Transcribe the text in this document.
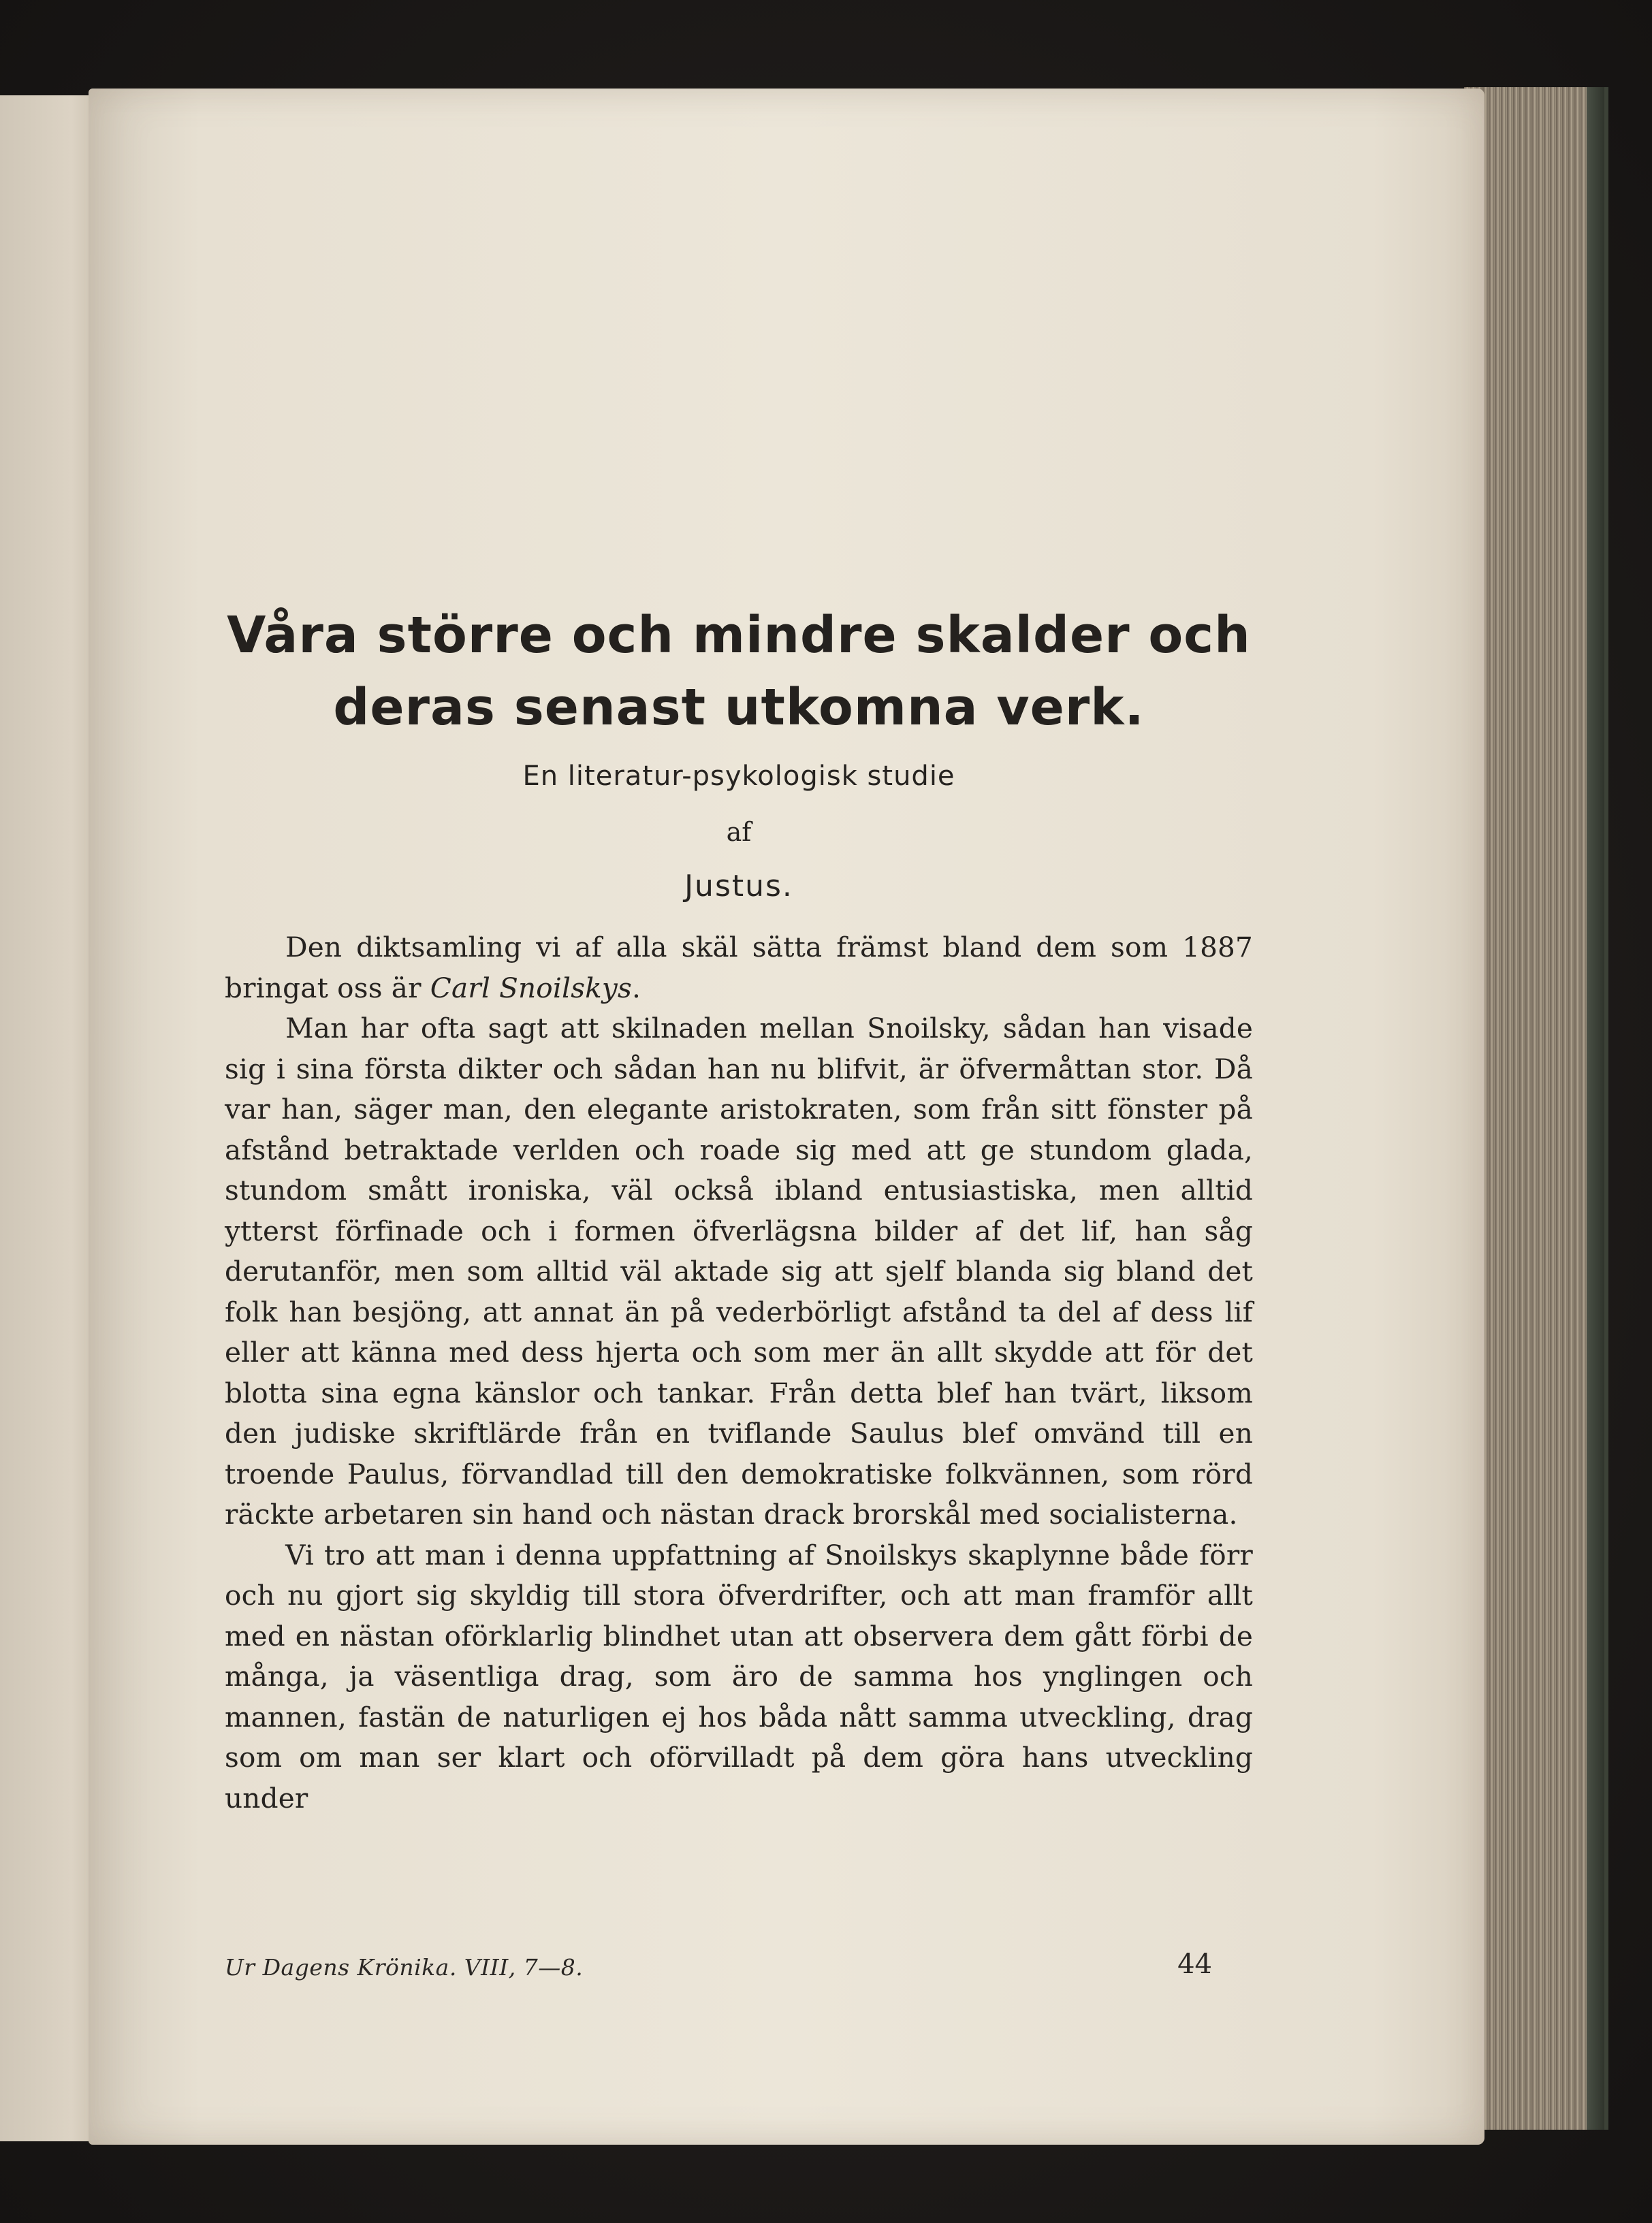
Våra större och mindre skalder och
deras senast utkomna verk.
En literatur-psykologisk studie
af
Justus.

Den diktsamling vi af alla skäl sätta främst bland dem som 1887 bringat oss är Carl Snoilskys.

Man har ofta sagt att skilnaden mellan Snoilsky, sådan han visade sig i sina första dikter och sådan han nu blifvit, är öfvermåttan stor. Då var han, säger man, den elegante aristokraten, som från sitt fönster på afstånd betraktade verlden och roade sig med att ge stundom glada, stundom smått ironiska, väl också ibland entusiastiska, men alltid ytterst förfinade och i formen öfverlägsna bilder af det lif, han såg derutanför, men som alltid väl aktade sig att sjelf blanda sig bland det folk han besjöng, att annat än på vederbörligt afstånd ta del af dess lif eller att känna med dess hjerta och som mer än allt skydde att för det blotta sina egna känslor och tankar. Från detta blef han tvärt, liksom den judiske skriftlärde från en tviflande Saulus blef omvänd till en troende Paulus, förvandlad till den demokratiske folkvännen, som rörd räckte arbetaren sin hand och nästan drack brorskål med socialisterna.

Vi tro att man i denna uppfattning af Snoilskys skaplynne både förr och nu gjort sig skyldig till stora öfverdrifter, och att man framför allt med en nästan oförklarlig blindhet utan att observera dem gått förbi de många, ja väsentliga drag, som äro de samma hos ynglingen och mannen, fastän de naturligen ej hos båda nått samma utveckling, drag som om man ser klart och oförvilladt på dem göra hans utveckling under

Ur Dagens Krönika. VIII, 7—8.	44
